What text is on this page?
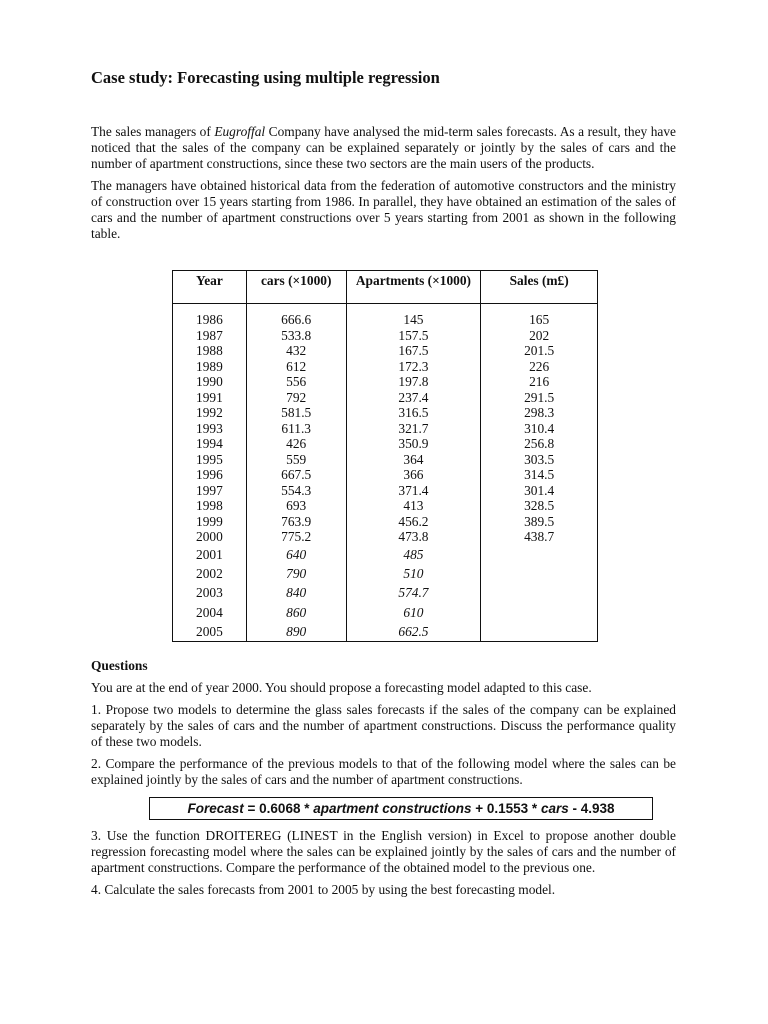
Case study: Forecasting using multiple regression

The sales managers of Eugroffal Company have analysed the mid-term sales forecasts. As a result, they have noticed that the sales of the company can be explained separately or jointly by the sales of cars and the number of apartment constructions, since these two sectors are the main users of the products.

The managers have obtained historical data from the federation of automotive constructors and the ministry of construction over 15 years starting from 1986. In parallel, they have obtained an estimation of the sales of cars and the number of apartment constructions over 5 years starting from 2001 as shown in the following table.

Year	cars (×1000)	Apartments (×1000)	Sales (m£)

1986	666.6	145	165
1987	533.8	157.5	202
1988	432	167.5	201.5
1989	612	172.3	226
1990	556	197.8	216
1991	792	237.4	291.5
1992	581.5	316.5	298.3
1993	611.3	321.7	310.4
1994	426	350.9	256.8
1995	559	364	303.5
1996	667.5	366	314.5
1997	554.3	371.4	301.4
1998	693	413	328.5
1999	763.9	456.2	389.5
2000	775.2	473.8	438.7
2001	640	485	
2002	790	510	
2003	840	574.7	
2004	860	610	
2005	890	662.5	

Questions

You are at the end of year 2000. You should propose a forecasting model adapted to this case.

1. Propose two models to determine the glass sales forecasts if the sales of the company can be explained separately by the sales of cars and the number of apartment constructions. Discuss the performance quality of these two models.

2. Compare the performance of the previous models to that of the following model where the sales can be explained jointly by the sales of cars and the number of apartment constructions.

Forecast = 0.6068 * apartment constructions + 0.1553 * cars - 4.938

3. Use the function DROITEREG (LINEST in the English version) in Excel to propose another double regression forecasting model where the sales can be explained jointly by the sales of cars and the number of apartment constructions. Compare the performance of the obtained model to the previous one.

4. Calculate the sales forecasts from 2001 to 2005 by using the best forecasting model.
